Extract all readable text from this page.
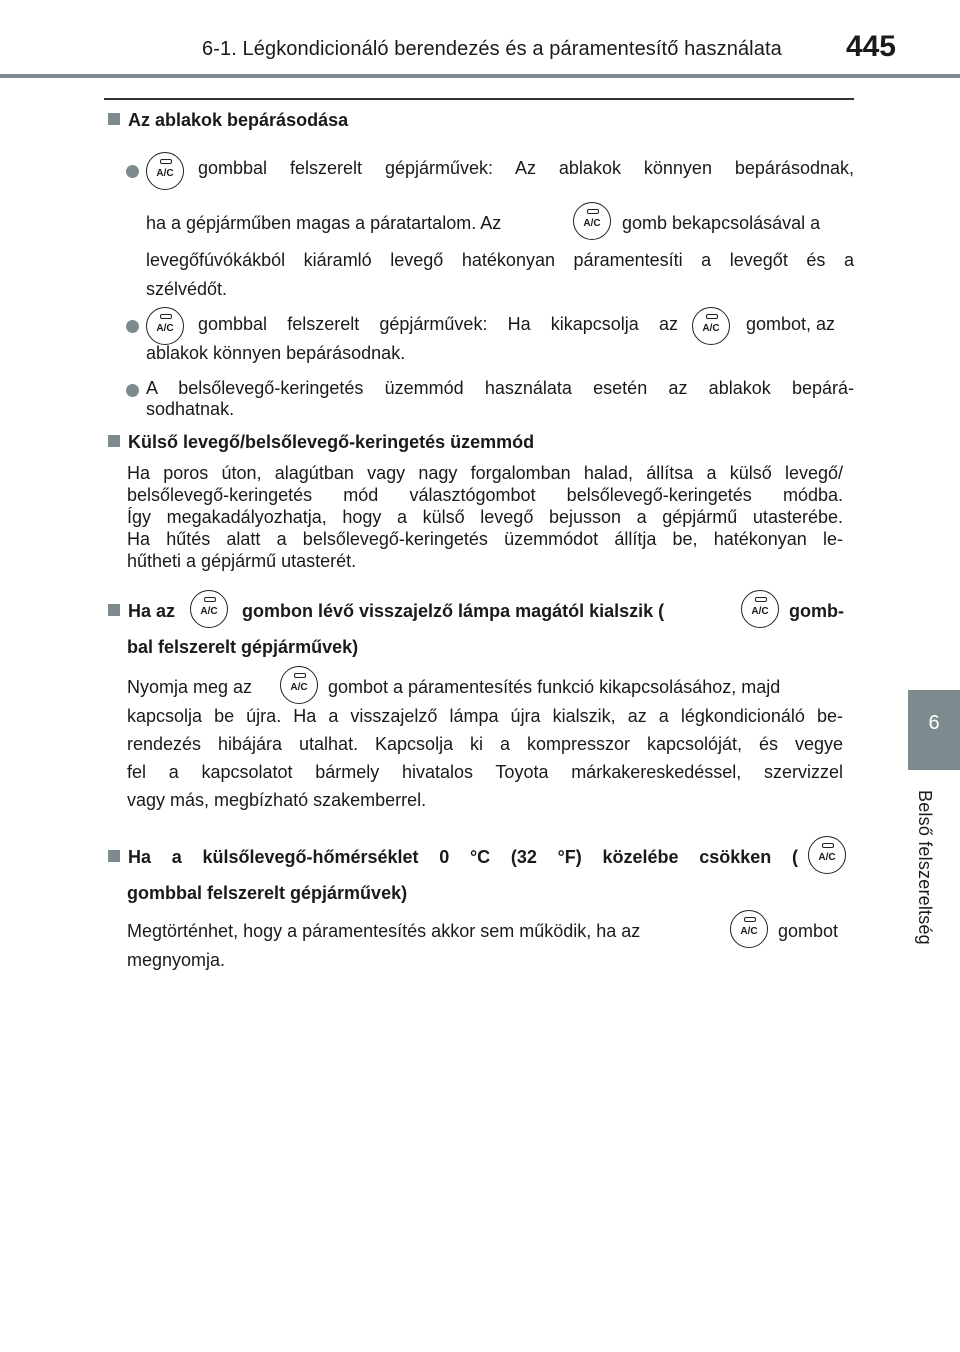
6-1. Légkondicionáló berendezés és a páramentesítő használata	445
6
Belső felszereltség
Az ablakok bepárásodása
A/C	gombbal felszerelt gépjárművek: Az ablakok könnyen bepárásodnak,
ha a gépjárműben magas a páratartalom. Az	A/C	gomb bekapcsolásával a
levegőfúvókákból kiáramló levegő hatékonyan páramentesíti a levegőt és a
szélvédőt.
A/C	gombbal felszerelt gépjárművek: Ha kikapcsolja az	A/C	gombot, az
ablakok könnyen bepárásodnak.
A belsőlevegő-keringetés üzemmód használata esetén az ablakok bepárá-
sodhatnak.
Külső levegő/belsőlevegő-keringetés üzemmód
Ha poros úton, alagútban vagy nagy forgalomban halad, állítsa a külső levegő/
belsőlevegő-keringetés mód választógombot belsőlevegő-keringetés módba.
Így megakadályozhatja, hogy a külső levegő bejusson a gépjármű utasterébe.
Ha hűtés alatt a belsőlevegő-keringetés üzemmódot állítja be, hatékonyan le-
hűtheti a gépjármű utasterét.
Ha az	A/C	gombon lévő visszajelző lámpa magától kialszik (	A/C	gomb-
bal felszerelt gépjárművek)
Nyomja meg az	A/C	gombot a páramentesítés funkció kikapcsolásához, majd
kapcsolja be újra. Ha a visszajelző lámpa újra kialszik, az a légkondicionáló be-
rendezés hibájára utalhat. Kapcsolja ki a kompresszor kapcsolóját, és vegye
fel a kapcsolatot bármely hivatalos Toyota márkakereskedéssel, szervizzel
vagy más, megbízható szakemberrel.
Ha a külsőlevegő-hőmérséklet 0 °C (32 °F) közelébe csökken (	A/C
gombbal felszerelt gépjárművek)
Megtörténhet, hogy a páramentesítés akkor sem működik, ha az	A/C	gombot
megnyomja.
